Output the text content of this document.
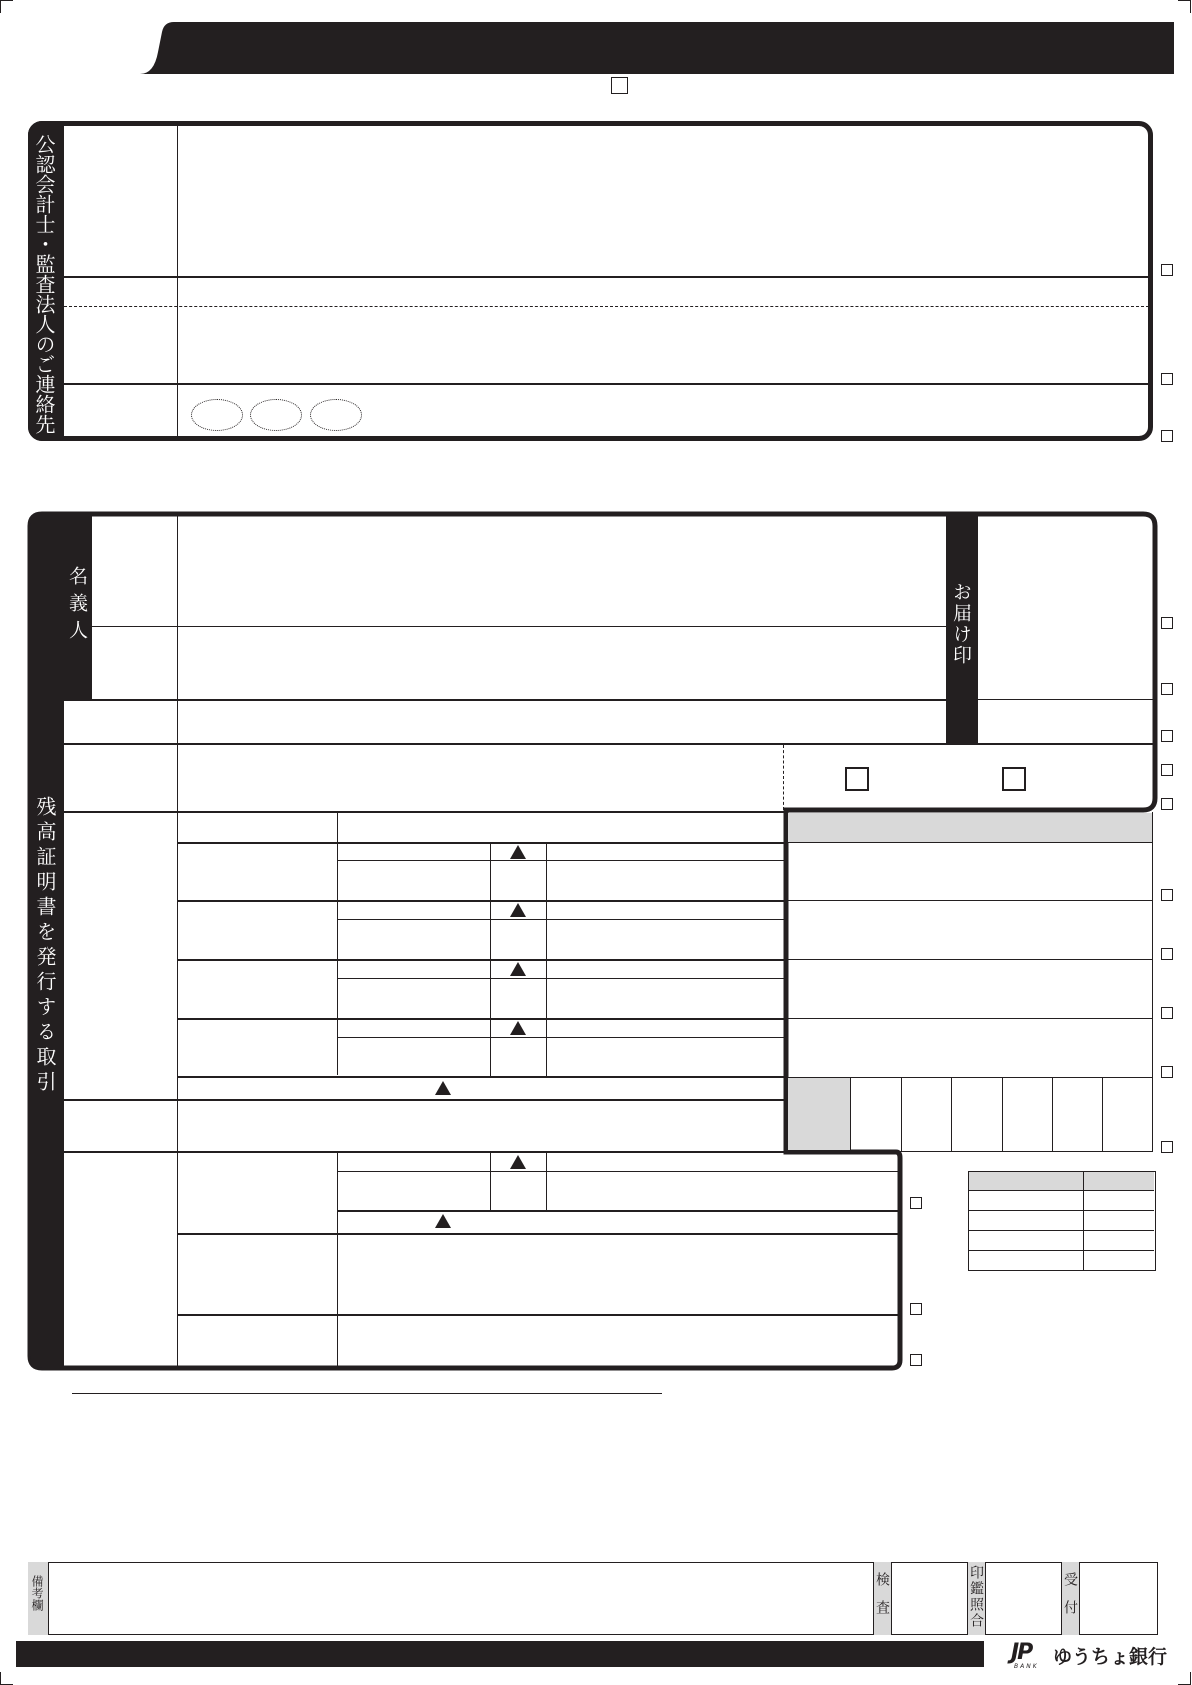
公認会計士・監査法人のご連絡先
残高証明書を発行する取引
名義人	お届け印
備考欄	検査	印鑑照合	受付
JP
BANK ゆうちょ銀行
